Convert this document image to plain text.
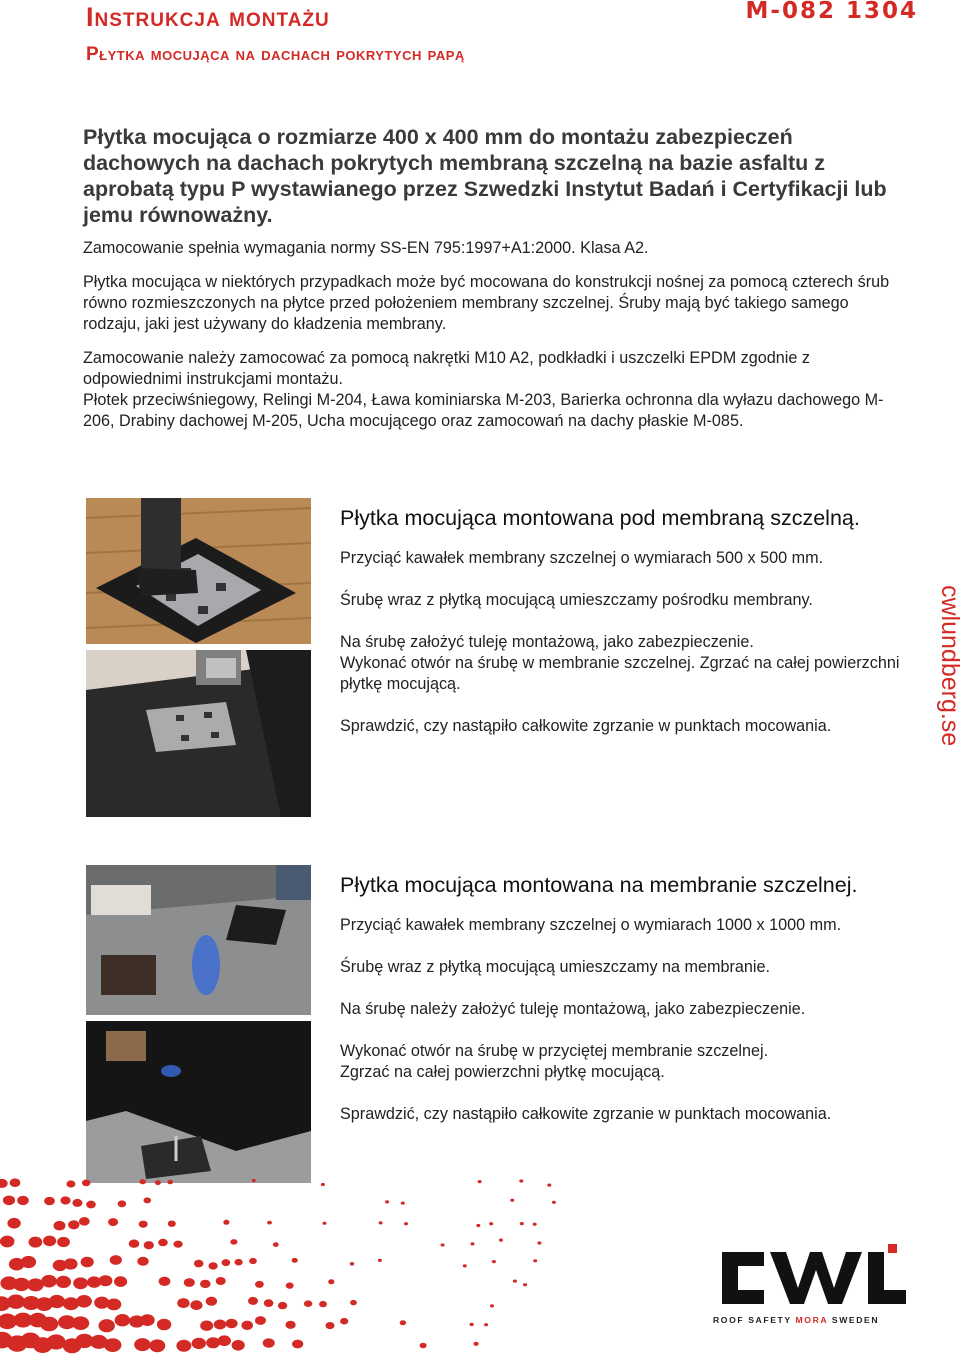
Instrukcja montażu
Płytka mocująca na dachach pokrytych papą
M-082 1304

Płytka mocująca o rozmiarze 400 x 400 mm do montażu zabezpieczeń dachowych na dachach pokrytych membraną szczelną na bazie asfaltu z aprobatą typu P wystawianego przez Szwedzki Instytut Badań i Certyfikacji lub jemu równoważny.

Zamocowanie spełnia wymagania normy SS-EN 795:1997+A1:2000. Klasa A2.

Płytka mocująca w niektórych przypadkach może być mocowana do konstrukcji nośnej za pomocą czterech śrub równo rozmieszczonych na płytce przed położeniem membrany szczelnej. Śruby mają być takiego samego rodzaju, jaki jest używany do kładzenia membrany.

Zamocowanie należy zamocować za pomocą nakrętki M10 A2, podkładki i uszczelki EPDM zgodnie z odpowiednimi instrukcjami montażu.

Płotek przeciwśniegowy, Relingi M-204, Ława kominiarska M-203, Barierka ochronna dla wyłazu dachowego M-206, Drabiny dachowej M-205, Ucha mocującego oraz zamocowań na dachy płaskie M-085.

Płytka mocująca montowana pod membraną szczelną.

Przyciąć kawałek membrany szczelnej o wymiarach 500 x 500 mm.

Śrubę wraz z płytką mocującą umieszczamy pośrodku membrany.

Na śrubę założyć tuleję montażową, jako zabezpieczenie.

Wykonać otwór na śrubę w membranie szczelnej. Zgrzać na całej powierzchni płytkę mocującą.

Sprawdzić, czy nastąpiło całkowite zgrzanie w punktach mocowania.	cwlundberg.se
Płytka mocująca montowana na membranie szczelnej.

Przyciąć kawałek membrany szczelnej o wymiarach 1000 x 1000 mm.

Śrubę wraz z płytką mocującą umieszczamy na membranie.

Na śrubę należy założyć tuleję montażową, jako zabezpieczenie.

Wykonać otwór na śrubę w przyciętej membranie szczelnej.

Zgrzać na całej powierzchni płytkę mocującą.

Sprawdzić, czy nastąpiło całkowite zgrzanie w punktach mocowania.

ROOF SAFETY MORA SWEDEN
